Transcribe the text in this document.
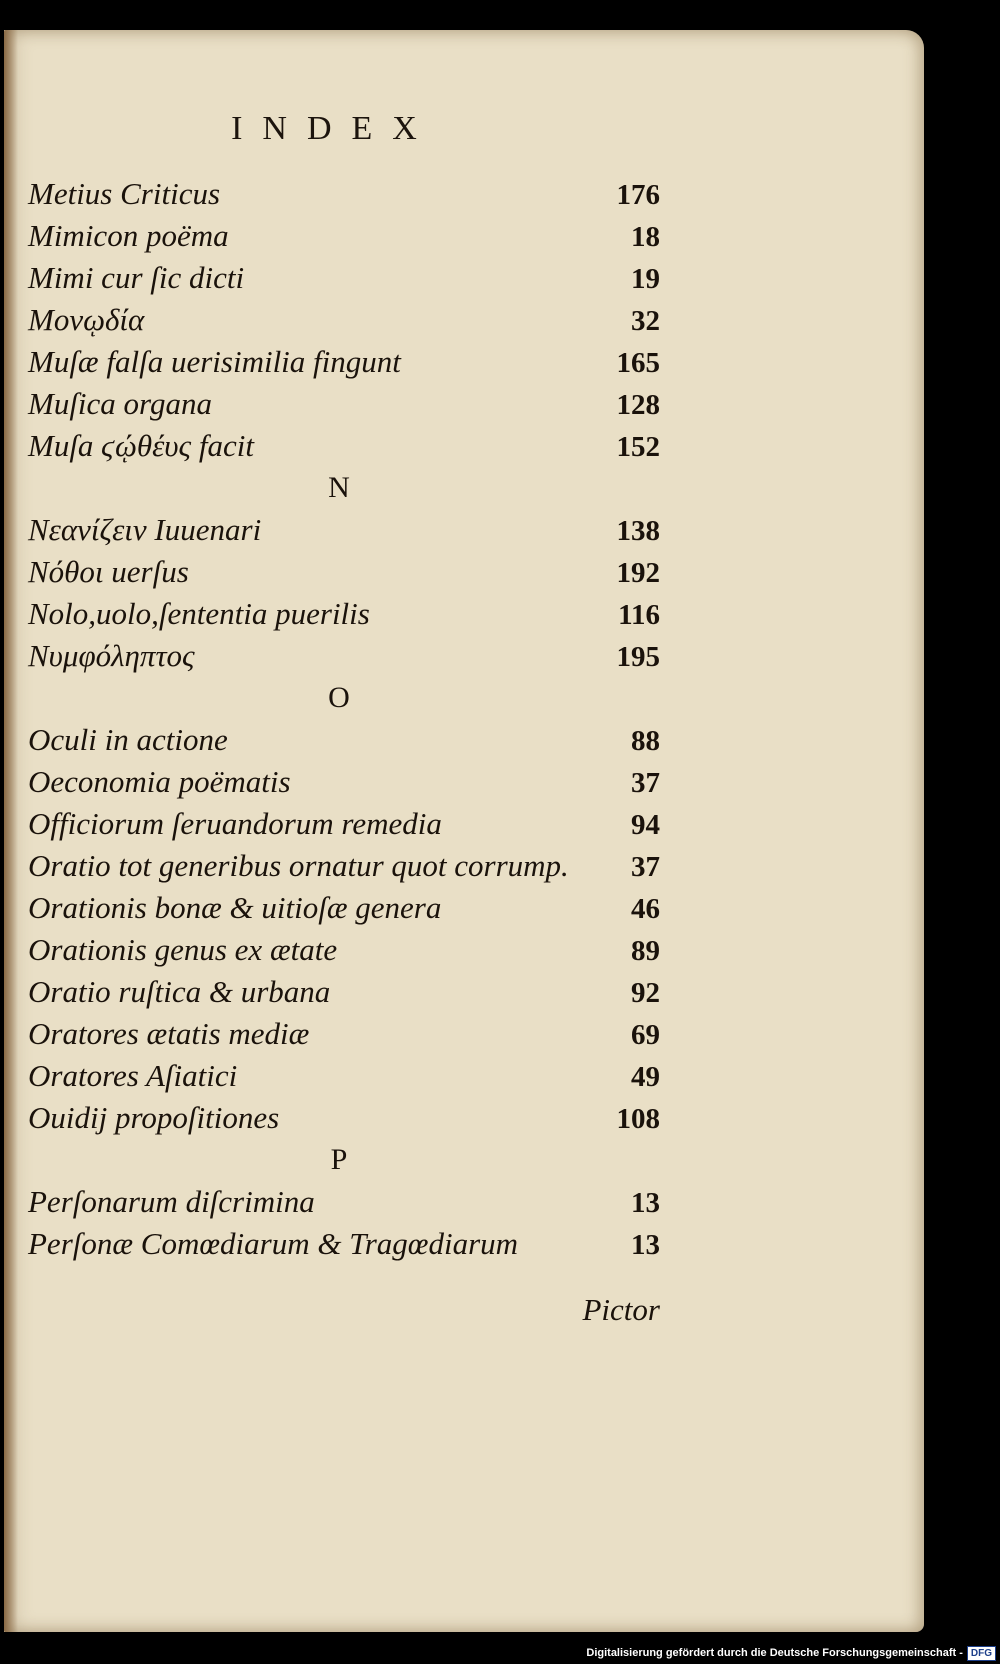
INDEX
Metius Criticus	176
Mimicon poëma	18
Mimi cur ſic dicti	19
Μονῳδία	32
Muſæ falſa uerisimilia fingunt	165
Muſica organa	128
Muſa ϛῴθέυς facit	152
N
Νεανίζειν Iuuenari	138
Νόθοι uerſus	192
Nolo,uolo,ſententia puerilis	116
Νυμφόληπτος	195
O
Oculi in actione	88
Oeconomia poëmatis	37
Officiorum ſeruandorum remedia	94
Oratio tot generibus ornatur quot corrump.	37
Orationis bonæ & uitioſæ genera	46
Orationis genus ex ætate	89
Oratio ruſtica & urbana	92
Oratores ætatis mediæ	69
Oratores Aſiatici	49
Ouidij propoſitiones	108
P
Perſonarum diſcrimina	13
Perſonæ Comœdiarum & Tragœdiarum	13
Pictor
Digitalisierung gefördert durch die Deutsche Forschungsgemeinschaft - DFG
